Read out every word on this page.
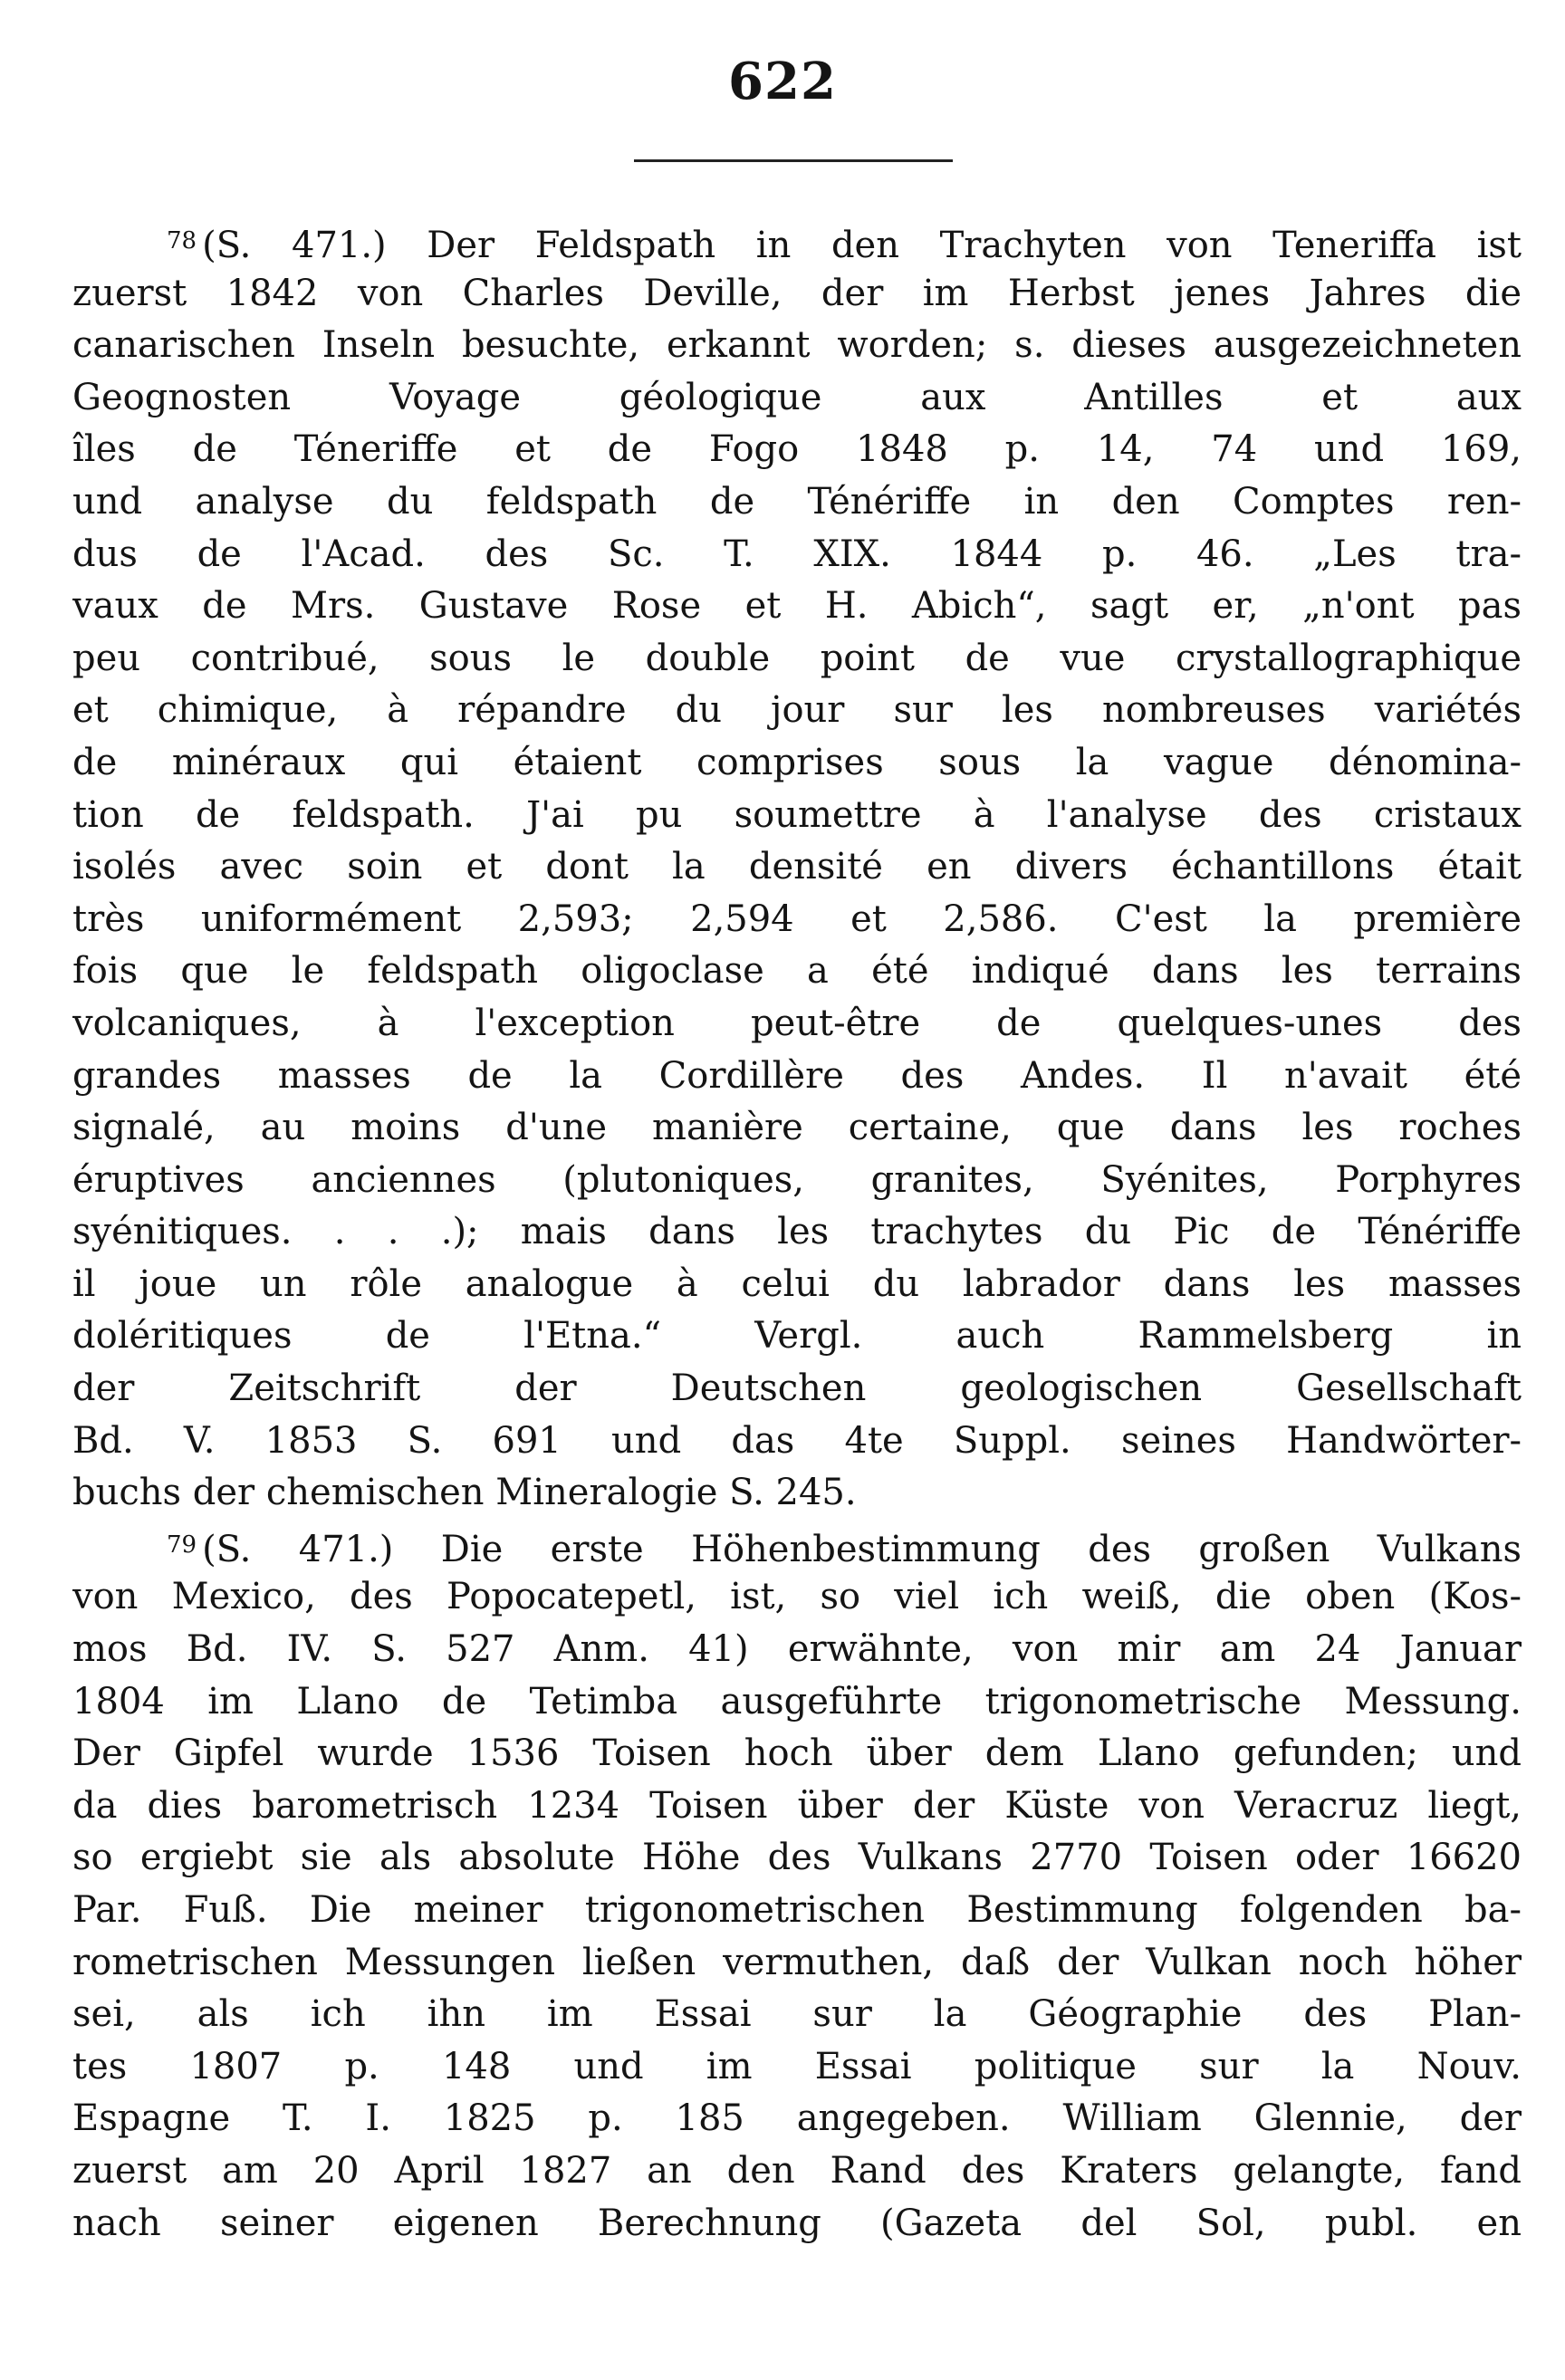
622
$^{78}$ (S. 471.) Der Feldspath in den Trachyten von Teneriffa ist
zuerst 1842 von Charles Deville, der im Herbst jenes Jahres die
canarischen Inseln besuchte, erkannt worden; s. dieses ausgezeichneten
Geognosten Voyage géologique aux Antilles et aux
îles de Téneriffe et de Fogo 1848 p. 14, 74 und 169,
und analyse du feldspath de Ténériffe in den Comptes ren-
dus de l'Acad. des Sc. T. XIX. 1844 p. 46. „Les tra-
vaux de Mrs. Gustave Rose et H. Abich“, sagt er, „n'ont pas
peu contribué, sous le double point de vue crystallographique
et chimique, à répandre du jour sur les nombreuses variétés
de minéraux qui étaient comprises sous la vague dénomina-
tion de feldspath. J'ai pu soumettre à l'analyse des cristaux
isolés avec soin et dont la densité en divers échantillons était
très uniformément 2,593; 2,594 et 2,586. C'est la première
fois que le feldspath oligoclase a été indiqué dans les terrains
volcaniques, à l'exception peut-être de quelques-unes des
grandes masses de la Cordillère des Andes. Il n'avait été
signalé, au moins d'une manière certaine, que dans les roches
éruptives anciennes (plutoniques, granites, Syénites, Porphyres
syénitiques. . . .); mais dans les trachytes du Pic de Ténériffe
il joue un rôle analogue à celui du labrador dans les masses
doléritiques de l'Etna.“ Vergl. auch Rammelsberg in
der Zeitschrift der Deutschen geologischen Gesellschaft
Bd. V. 1853 S. 691 und das 4te Suppl. seines Handwörter-
buchs der chemischen Mineralogie S. 245.
$^{79}$ (S. 471.) Die erste Höhenbestimmung des großen Vulkans
von Mexico, des Popocatepetl, ist, so viel ich weiß, die oben (Kos-
mos Bd. IV. S. 527 Anm. 41) erwähnte, von mir am 24 Januar
1804 im Llano de Tetimba ausgeführte trigonometrische Messung.
Der Gipfel wurde 1536 Toisen hoch über dem Llano gefunden; und
da dies barometrisch 1234 Toisen über der Küste von Veracruz liegt,
so ergiebt sie als absolute Höhe des Vulkans 2770 Toisen oder 16620
Par. Fuß. Die meiner trigonometrischen Bestimmung folgenden ba-
rometrischen Messungen ließen vermuthen, daß der Vulkan noch höher
sei, als ich ihn im Essai sur la Géographie des Plan-
tes 1807 p. 148 und im Essai politique sur la Nouv.
Espagne T. I. 1825 p. 185 angegeben. William Glennie, der
zuerst am 20 April 1827 an den Rand des Kraters gelangte, fand
nach seiner eigenen Berechnung (Gazeta del Sol, publ. en
